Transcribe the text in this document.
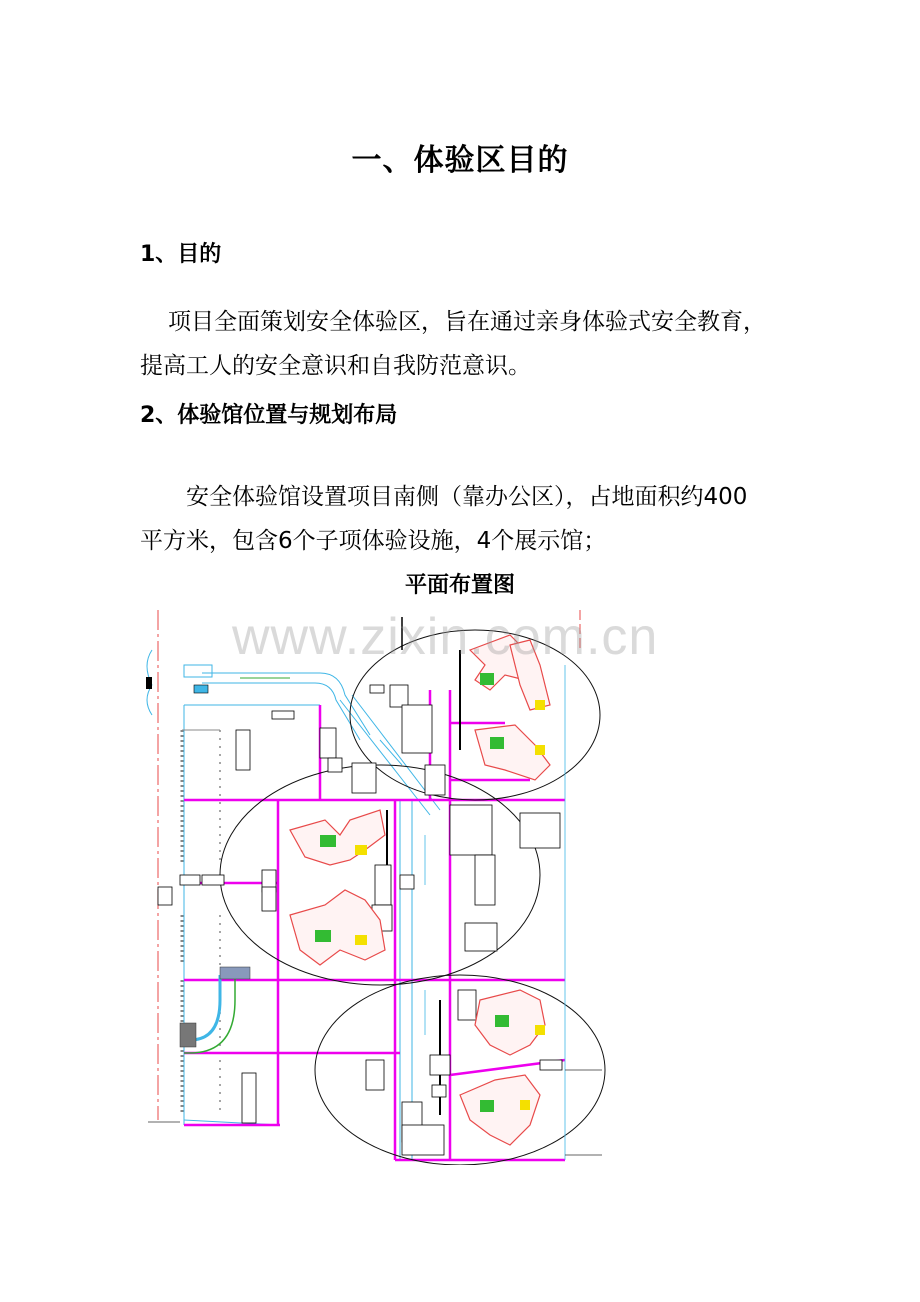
一、体验区目的
1、目的
项目全面策划安全体验区，旨在通过亲身体验式安全教育，提高工人的安全意识和自我防范意识。
2、体验馆位置与规划布局
安全体验馆设置项目南侧（靠办公区），占地面积约400平方米，包含6个子项体验设施，4个展示馆；
平面布置图
www.zixin.com.cn
